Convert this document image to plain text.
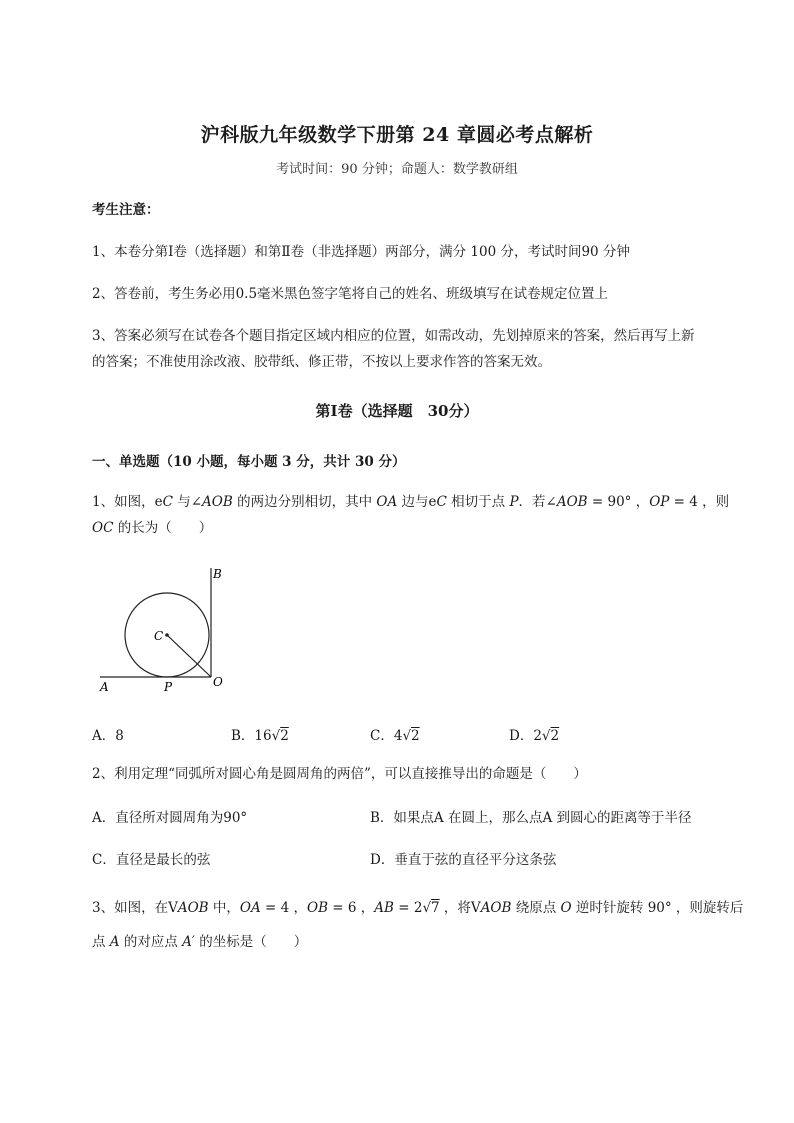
沪科版九年级数学下册第 24 章圆必考点解析
考试时间：90 分钟；命题人：数学教研组
考生注意：
1、本卷分第Ⅰ卷（选择题）和第Ⅱ卷（非选择题）两部分，满分 100 分，考试时间90 分钟
2、答卷前，考生务必用0.5毫米黑色签字笔将自己的姓名、班级填写在试卷规定位置上
3、答案必须写在试卷各个题目指定区域内相应的位置，如需改动，先划掉原来的答案，然后再写上新
的答案；不准使用涂改液、胶带纸、修正带，不按以上要求作答的答案无效。
第Ⅰ卷（选择题　30分）
一、单选题（10 小题，每小题 3 分，共计 30 分）
1、如图，eC 与∠AOB 的两边分别相切，其中 OA 边与eC 相切于点 P．若∠AOB = 90° ，OP = 4 ，则
OC 的长为（　　）
A	P	O
B
C
A．8	B．16√2	C．4√2	D．2√2
2、利用定理“同弧所对圆心角是圆周角的两倍”，可以直接推导出的命题是（　　）
A．直径所对圆周角为90°	B．如果点A 在圆上，那么点A 到圆心的距离等于半径
C．直径是最长的弦	D．垂直于弦的直径平分这条弦
3、如图，在VAOB 中，OA = 4 ，OB = 6 ，AB = 2√7 ，将VAOB 绕原点 O 逆时针旋转 90° ，则旋转后
点 A 的对应点 A′ 的坐标是（　　）
